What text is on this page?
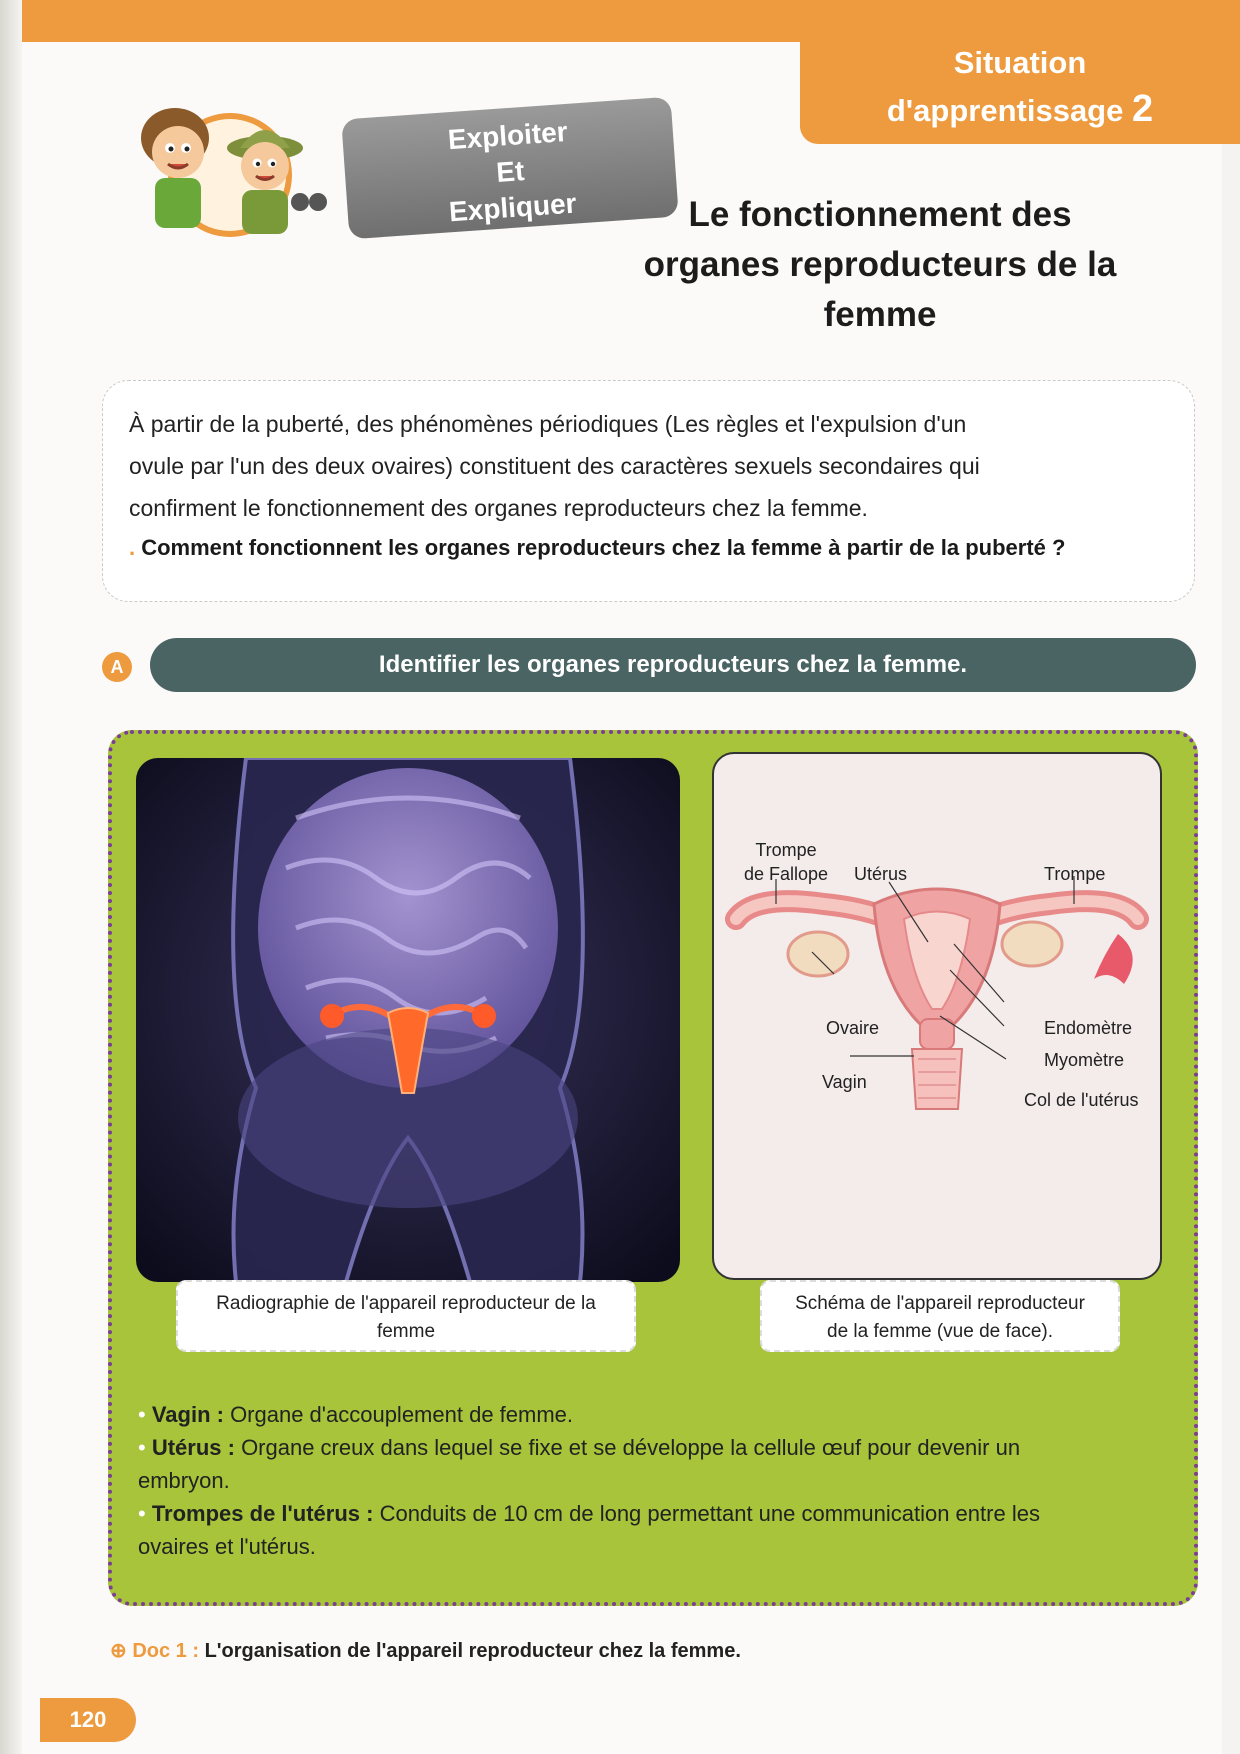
Situation
d'apprentissage 2
Exploiter
Et
Expliquer	Le fonctionnement des
organes reproducteurs de la
femme

À partir de la puberté, des phénomènes périodiques (Les règles et l'expulsion d'un

ovule par l'un des deux ovaires) constituent des caractères sexuels secondaires qui

confirment le fonctionnement des organes reproducteurs chez la femme.

. Comment fonctionnent les organes reproducteurs chez la femme à partir de la puberté ?
A	Identifier les organes reproducteurs chez la femme.
Radiographie de l'appareil reproducteur de la
femme
Trompe
de Fallope Utérus	Trompe
Ovaire	Endomètre
Myomètre
Vagin
Col de l'utérus
Schéma de l'appareil reproducteur
de la femme (vue de face).

• Vagin : Organe d'accouplement de femme.

• Utérus : Organe creux dans lequel se fixe et se développe la cellule œuf pour devenir un

embryon.

• Trompes de l'utérus : Conduits de 10 cm de long permettant une communication entre les

ovaires et l'utérus.

⊕ Doc 1 : L'organisation de l'appareil reproducteur chez la femme.
120
